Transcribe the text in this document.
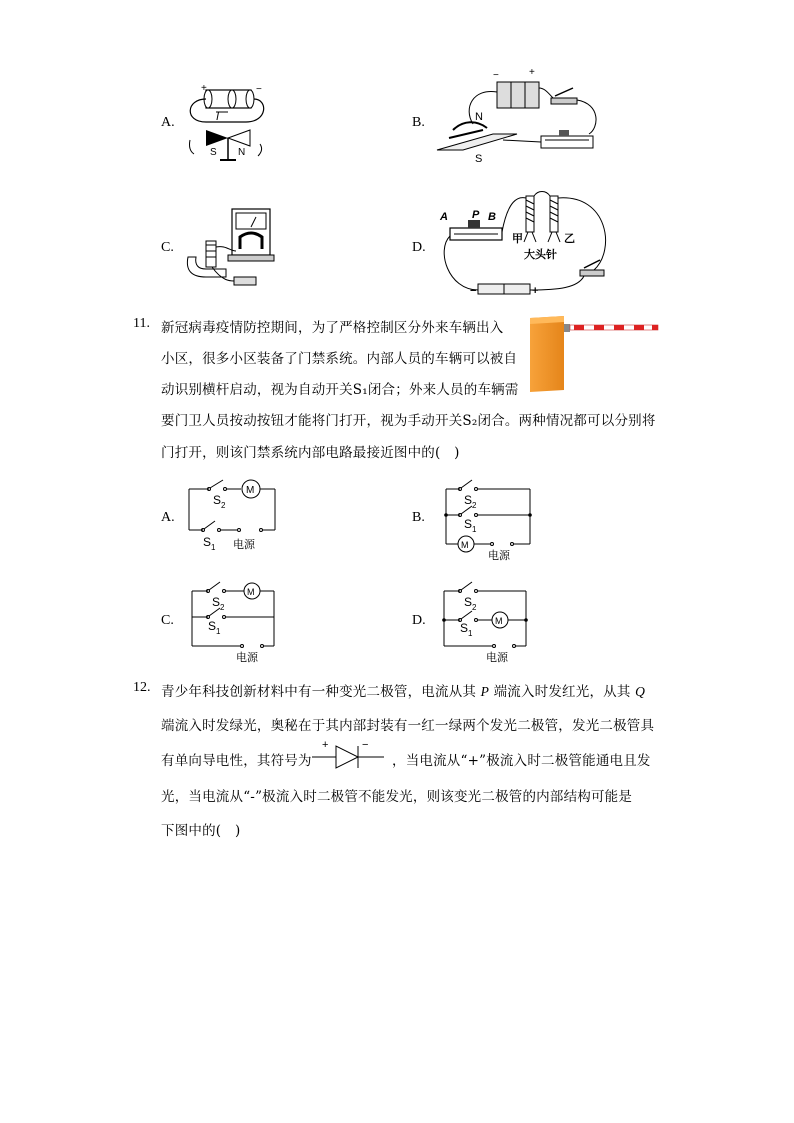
A.
+	−
I
S N
B.
−	+
N
S
C.	D.
A P B
甲	乙
大头针
−	+
11. 新冠病毒疫情防控期间，为了严格控制区分外来车辆出入
小区，很多小区装备了门禁系统。内部人员的车辆可以被自
动识别横杆启动，视为自动开关S₁闭合；外来人员的车辆需
要门卫人员按动按钮才能将门打开，视为手动开关S₂闭合。两种情况都可以分别将
门打开，则该门禁系统内部电路最接近图中的(　)
A.
M
S 2
S 1 电源
B.
S 2
S 1
M
电源
C.
M
S 2
S 1
电源
D.
S 2
M
S 1
电源
12. 青少年科技创新材料中有一种变光二极管，电流从其 P 端流入时发红光，从其 Q
端流入时发绿光，奥秘在于其内部封装有一红一绿两个发光二极管，发光二极管具
有单向导电性，其符号为
+	−
，当电流从“+”极流入时二极管能通电且发
光，当电流从“-”极流入时二极管不能发光，则该变光二极管的内部结构可能是
下图中的(　)
